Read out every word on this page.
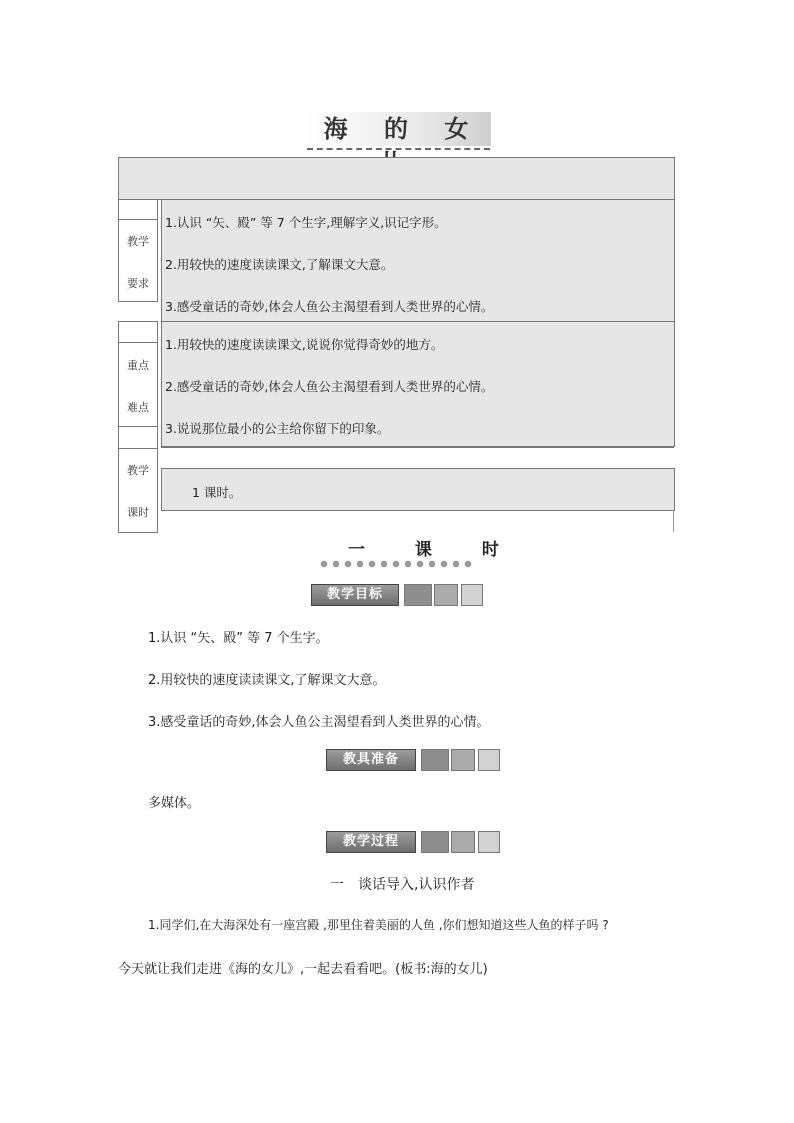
海 的 女
教学
要求
1.认识 “矢、殿” 等 7 个生字,理解字义,识记字形。
2.用较快的速度读读课文,了解课文大意。
3.感受童话的奇妙,体会人鱼公主渴望看到人类世界的心情。
重点
难点
1.用较快的速度读读课文,说说你觉得奇妙的地方。
2.感受童话的奇妙,体会人鱼公主渴望看到人类世界的心情。
3.说说那位最小的公主给你留下的印象。
教学
课时
1 课时。
一 课 时
教学目标
1.认识 “矢、殿” 等 7 个生字。
2.用较快的速度读读课文,了解课文大意。
3.感受童话的奇妙,体会人鱼公主渴望看到人类世界的心情。
教具准备
多媒体。
教学过程
一　谈话导入,认识作者
1.同学们,在大海深处有一座宫殿 ,那里住着美丽的人鱼 ,你们想知道这些人鱼的样子吗 ?
今天就让我们走进《海的女儿》,一起去看看吧。(板书:海的女儿)
